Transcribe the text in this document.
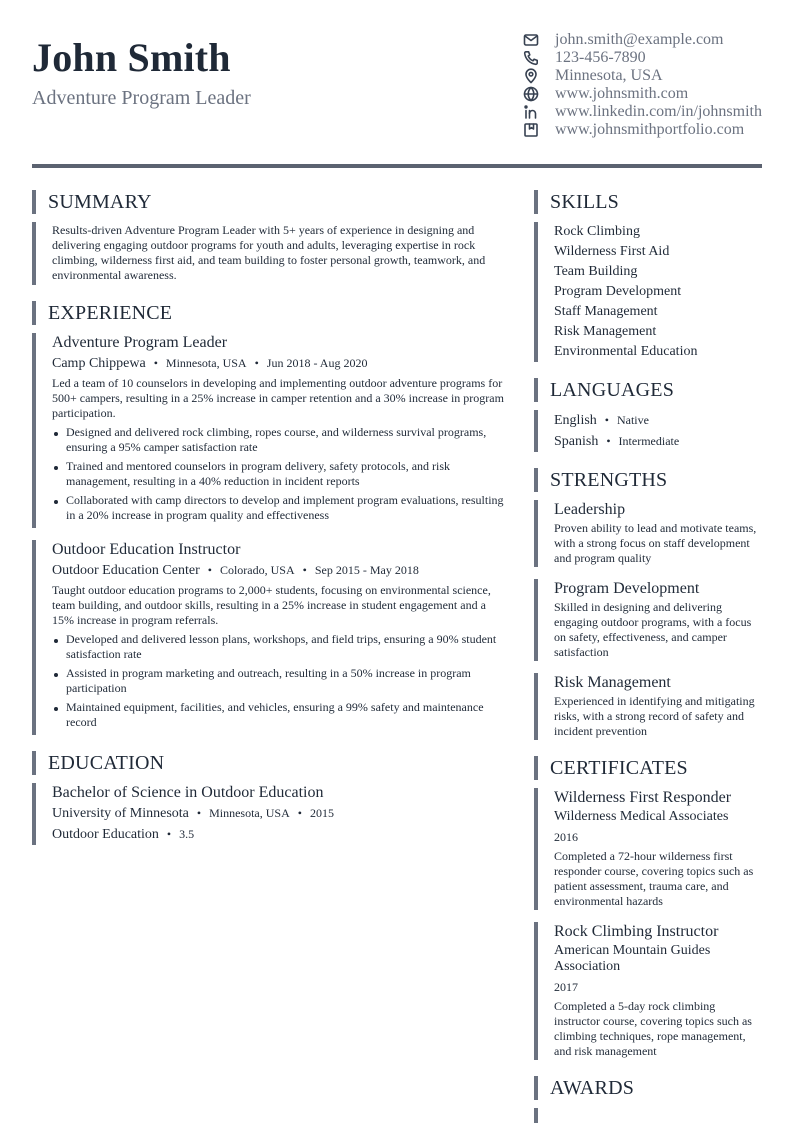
John Smith
Adventure Program Leader
john.smith@example.com
123-456-7890
Minnesota, USA
www.johnsmith.com
www.linkedin.com/in/johnsmith
www.johnsmithportfolio.com
SUMMARY

Results-driven Adventure Program Leader with 5+ years of experience in designing and delivering engaging outdoor programs for youth and adults, leveraging expertise in rock climbing, wilderness first aid, and team building to foster personal growth, teamwork, and environmental awareness.

EXPERIENCE
Adventure Program Leader
Camp Chippewa • Minnesota, USA • Jun 2018 - Aug 2020

Led a team of 10 counselors in developing and implementing outdoor adventure programs for 500+ campers, resulting in a 25% increase in camper retention and a 30% increase in program participation.

Designed and delivered rock climbing, ropes course, and wilderness survival programs, ensuring a 95% camper satisfaction rate
Trained and mentored counselors in program delivery, safety protocols, and risk management, resulting in a 40% reduction in incident reports
Collaborated with camp directors to develop and implement program evaluations, resulting in a 20% increase in program quality and effectiveness
Outdoor Education Instructor
Outdoor Education Center • Colorado, USA • Sep 2015 - May 2018

Taught outdoor education programs to 2,000+ students, focusing on environmental science, team building, and outdoor skills, resulting in a 25% increase in student engagement and a 15% increase in program referrals.

Developed and delivered lesson plans, workshops, and field trips, ensuring a 90% student satisfaction rate
Assisted in program marketing and outreach, resulting in a 50% increase in program participation
Maintained equipment, facilities, and vehicles, ensuring a 99% safety and maintenance record
EDUCATION
Bachelor of Science in Outdoor Education
University of Minnesota • Minnesota, USA • 2015
Outdoor Education • 3.5
SKILLS
Rock Climbing
Wilderness First Aid
Team Building
Program Development
Staff Management
Risk Management
Environmental Education
LANGUAGES
English • Native
Spanish • Intermediate
STRENGTHS
Leadership

Proven ability to lead and motivate teams, with a strong focus on staff development and program quality

Program Development

Skilled in designing and delivering engaging outdoor programs, with a focus on safety, effectiveness, and camper satisfaction

Risk Management

Experienced in identifying and mitigating risks, with a strong record of safety and incident prevention

CERTIFICATES
Wilderness First Responder
Wilderness Medical Associates
2016

Completed a 72-hour wilderness first responder course, covering topics such as patient assessment, trauma care, and environmental hazards

Rock Climbing Instructor
American Mountain Guides Association
2017

Completed a 5-day rock climbing instructor course, covering topics such as climbing techniques, rope management, and risk management

AWARDS
